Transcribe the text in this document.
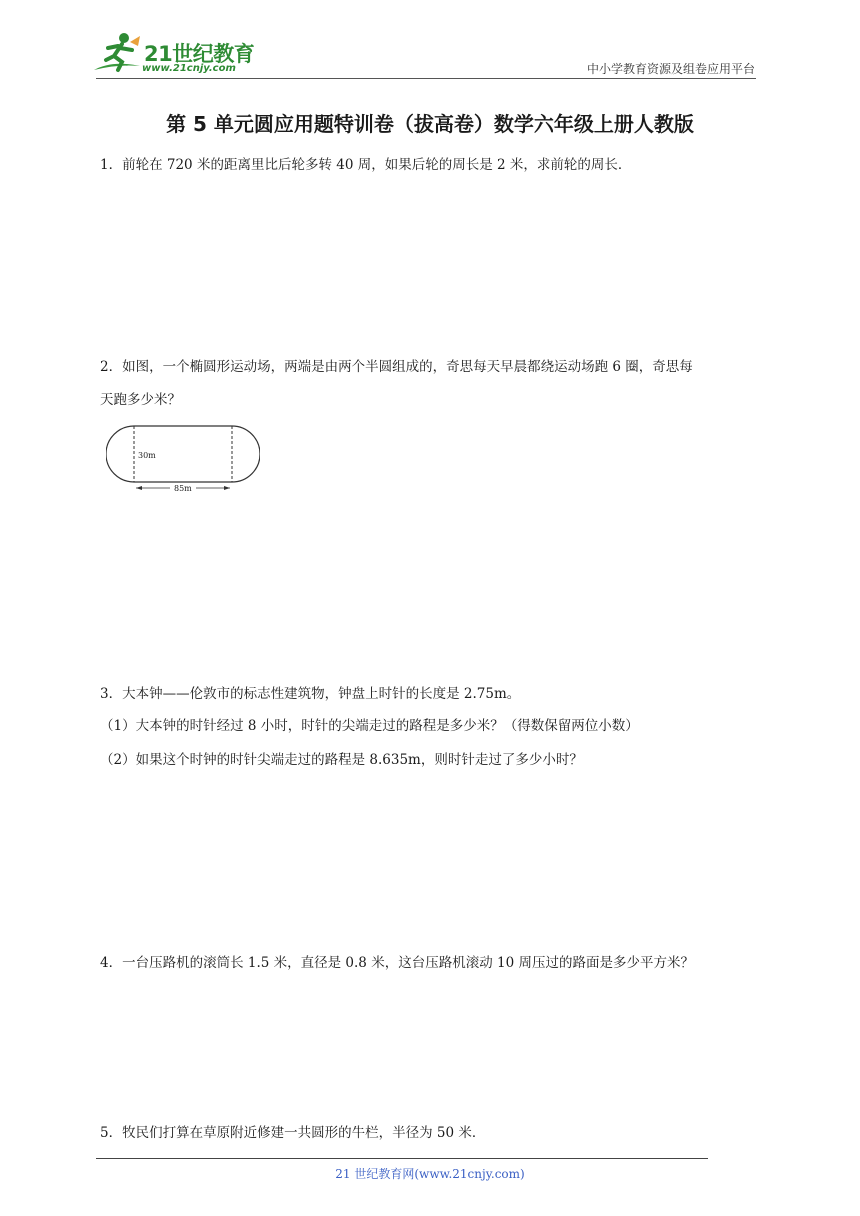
21世纪教育
www.21cnjy.com	中小学教育资源及组卷应用平台
第 5 单元圆应用题特训卷（拔高卷）数学六年级上册人教版
1．前轮在 720 米的距离里比后轮多转 40 周，如果后轮的周长是 2 米，求前轮的周长．
2．如图，一个椭圆形运动场，两端是由两个半圆组成的，奇思每天早晨都绕运动场跑 6 圈，奇思每
天跑多少米？
30m
85m
3．大本钟——伦敦市的标志性建筑物，钟盘上时针的长度是 2.75m。
（1）大本钟的时针经过 8 小时，时针的尖端走过的路程是多少米？（得数保留两位小数）
（2）如果这个时钟的时针尖端走过的路程是 8.635m，则时针走过了多少小时？
4．一台压路机的滚筒长 1.5 米，直径是 0.8 米，这台压路机滚动 10 周压过的路面是多少平方米？
5．牧民们打算在草原附近修建一共圆形的牛栏，半径为 50 米．
21 世纪教育网(www.21cnjy.com)
